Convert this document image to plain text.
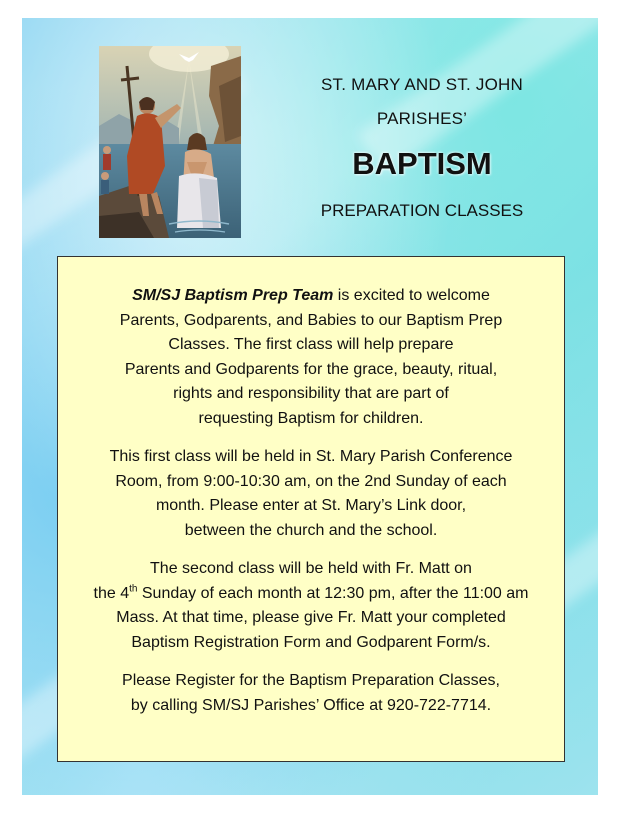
ST. MARY AND ST. JOHN
PARISHES’
BAPTISM
PREPARATION CLASSES

SM/SJ Baptism Prep Team is excited to welcome
Parents, Godparents, and Babies to our Baptism Prep
Classes. The first class will help prepare
Parents and Godparents for the grace, beauty, ritual,
rights and responsibility that are part of
requesting Baptism for children.

This first class will be held in St. Mary Parish Conference
Room, from 9:00-10:30 am, on the 2nd Sunday of each
month. Please enter at St. Mary’s Link door,
between the church and the school.

The second class will be held with Fr. Matt on
the 4th Sunday of each month at 12:30 pm, after the 11:00 am
Mass. At that time, please give Fr. Matt your completed
Baptism Registration Form and Godparent Form/s.

Please Register for the Baptism Preparation Classes,
by calling SM/SJ Parishes’ Office at 920-722-7714.
